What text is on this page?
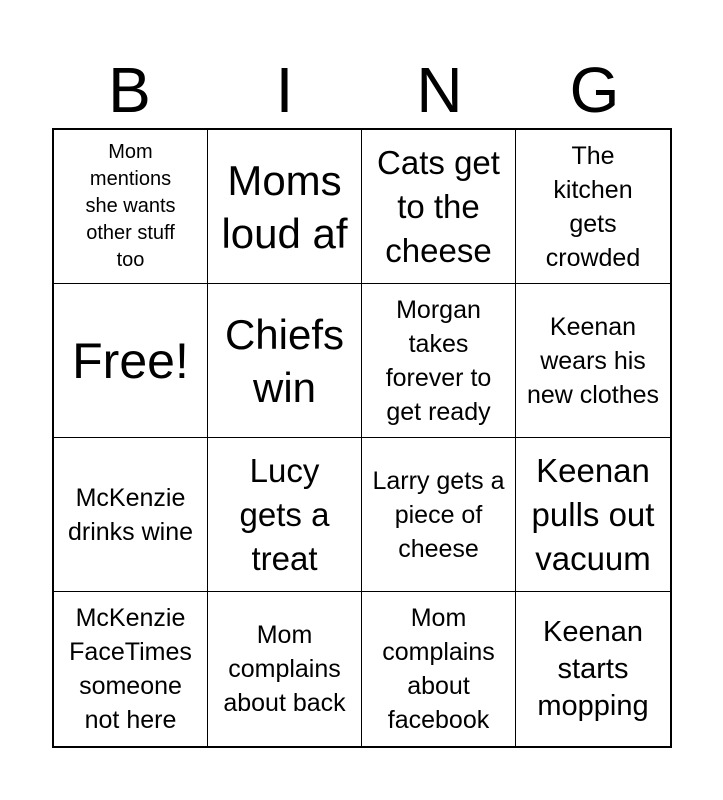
B	I	N	G
Mom mentions she wants other stuff too
Moms loud af
Cats get to the cheese
The kitchen gets crowded
Free! Chiefs win
Morgan takes forever to get ready
Keenan wears his new clothes
McKenzie drinks wine
Lucy gets a treat
Larry gets a piece of cheese
Keenan pulls out vacuum
McKenzie FaceTimes someone not here
Mom complains about back
Mom complains about facebook
Keenan starts mopping
